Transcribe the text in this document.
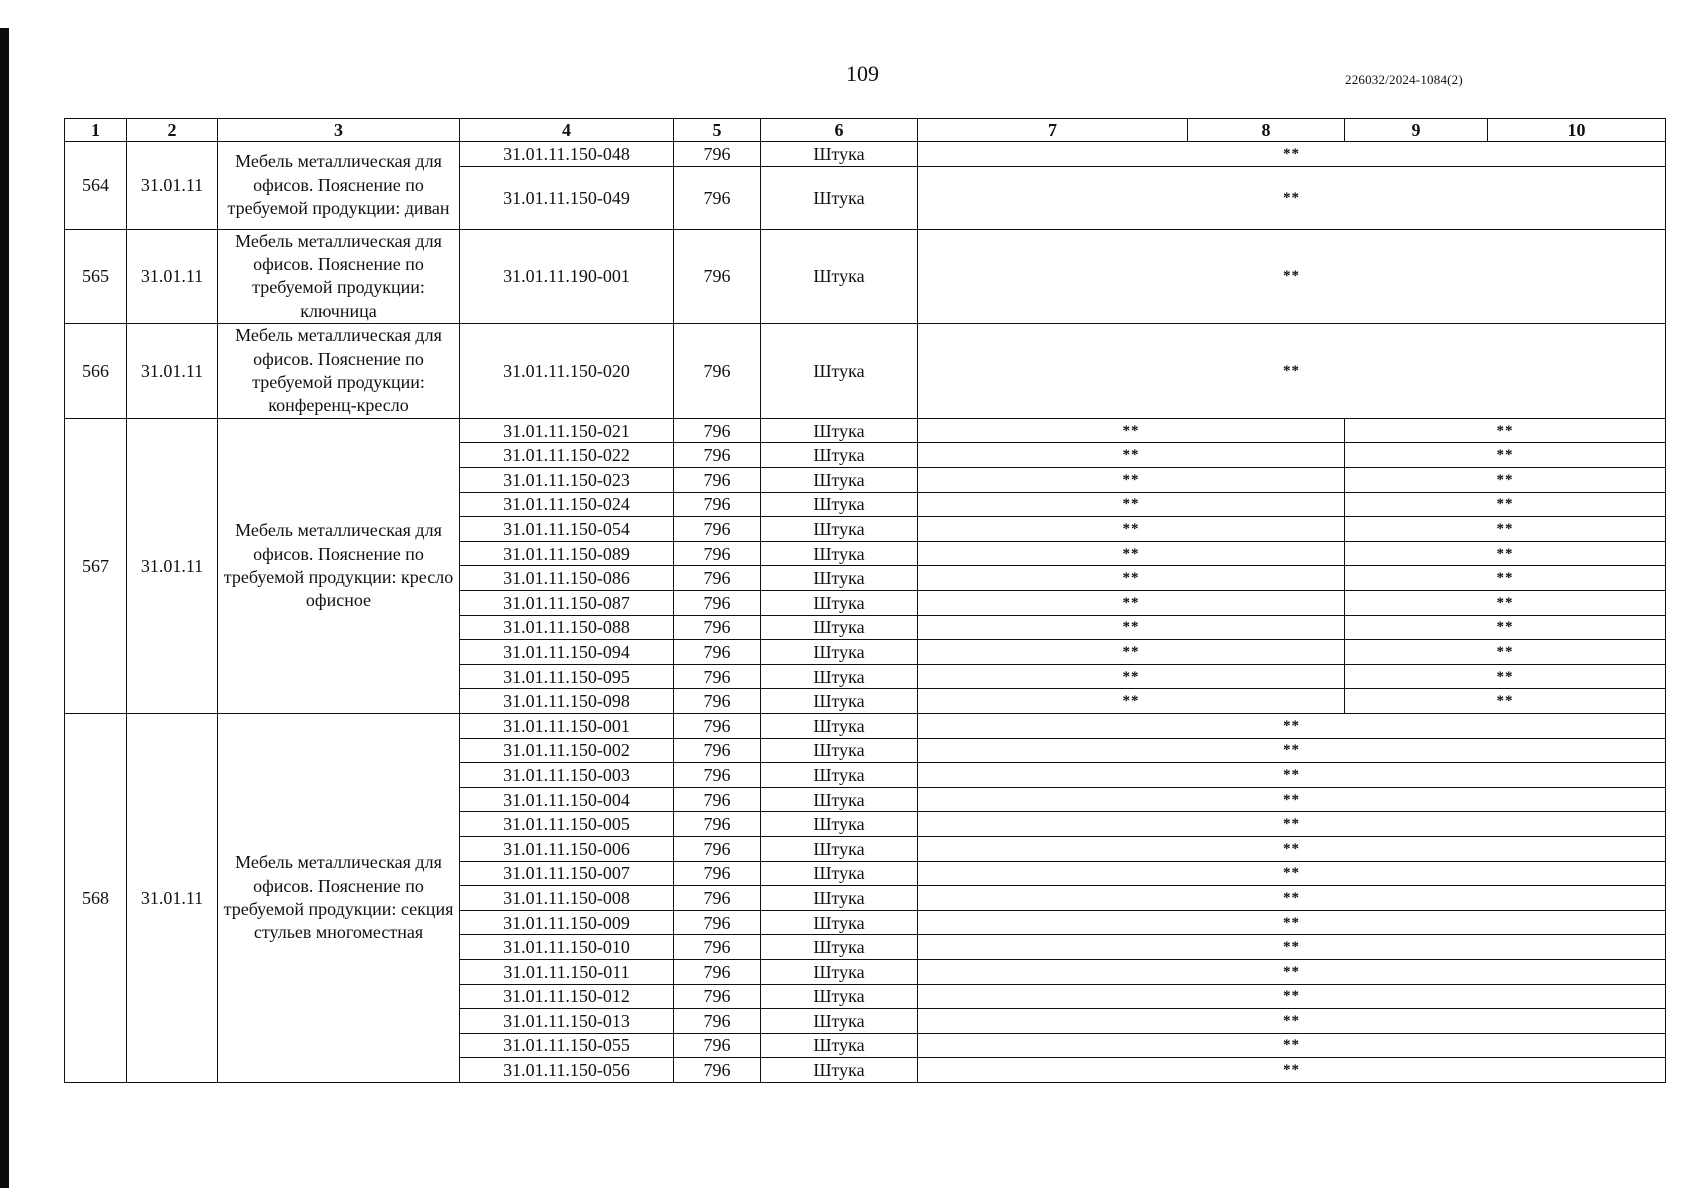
109	226032/2024-1084(2)
1	2	3	4	5	6	7	8	9	10
564	31.01.11	Мебель металлическая для офисов. Пояснение по требуемой продукции: диван	31.01.11.150-048	796	Штука	**			
			31.01.11.150-049	796	Штука	**			
565	31.01.11	Мебель металлическая для офисов. Пояснение по требуемой продукции: ключница	31.01.11.190-001	796	Штука	**			
566	31.01.11	Мебель металлическая для офисов. Пояснение по требуемой продукции: конференц-кресло	31.01.11.150-020	796	Штука	**			
567	31.01.11	Мебель металлическая для офисов. Пояснение по требуемой продукции: кресло офисное	31.01.11.150-021	796	Штука	**		**	
			31.01.11.150-022	796	Штука	**		**	
			31.01.11.150-023	796	Штука	**		**	
			31.01.11.150-024	796	Штука	**		**	
			31.01.11.150-054	796	Штука	**		**	
			31.01.11.150-089	796	Штука	**		**	
			31.01.11.150-086	796	Штука	**		**	
			31.01.11.150-087	796	Штука	**		**	
			31.01.11.150-088	796	Штука	**		**	
			31.01.11.150-094	796	Штука	**		**	
			31.01.11.150-095	796	Штука	**		**	
			31.01.11.150-098	796	Штука	**		**	
568	31.01.11	Мебель металлическая для офисов. Пояснение по требуемой продукции: секция стульев многоместная	31.01.11.150-001	796	Штука	**			
			31.01.11.150-002	796	Штука	**			
			31.01.11.150-003	796	Штука	**			
			31.01.11.150-004	796	Штука	**			
			31.01.11.150-005	796	Штука	**			
			31.01.11.150-006	796	Штука	**			
			31.01.11.150-007	796	Штука	**			
			31.01.11.150-008	796	Штука	**			
			31.01.11.150-009	796	Штука	**			
			31.01.11.150-010	796	Штука	**			
			31.01.11.150-011	796	Штука	**			
			31.01.11.150-012	796	Штука	**			
			31.01.11.150-013	796	Штука	**			
			31.01.11.150-055	796	Штука	**			
			31.01.11.150-056	796	Штука	**			
